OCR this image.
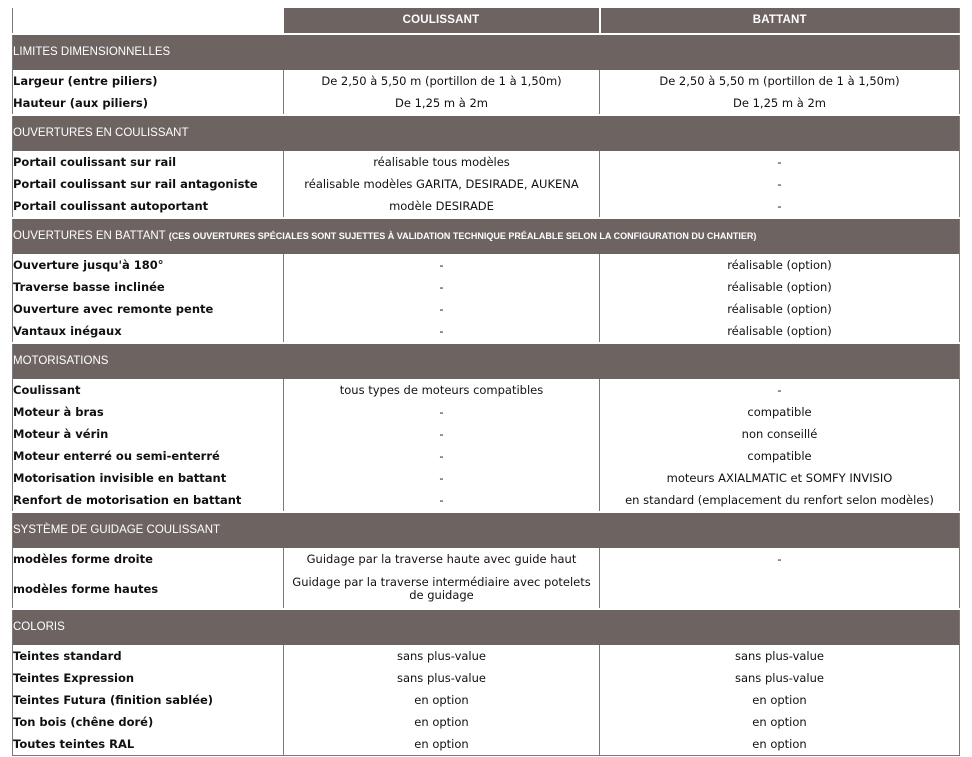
	COULISSANT	BATTANT
LIMITES DIMENSIONNELLES		
Largeur (entre piliers)	De 2,50 à 5,50 m (portillon de 1 à 1,50m)	De 2,50 à 5,50 m (portillon de 1 à 1,50m)
Hauteur (aux piliers)	De 1,25 m à 2m	De 1,25 m à 2m
OUVERTURES EN COULISSANT		
Portail coulissant sur rail	réalisable tous modèles	-
Portail coulissant sur rail antagoniste	réalisable modèles GARITA, DESIRADE, AUKENA	-
Portail coulissant autoportant	modèle DESIRADE	-
OUVERTURES EN BATTANT (CES OUVERTURES SPÉCIALES SONT SUJETTES À VALIDATION TECHNIQUE PRÉALABLE SELON LA CONFIGURATION DU CHANTIER)		
Ouverture jusqu'à 180°	-	réalisable (option)
Traverse basse inclinée	-	réalisable (option)
Ouverture avec remonte pente	-	réalisable (option)
Vantaux inégaux	-	réalisable (option)
MOTORISATIONS		
Coulissant	tous types de moteurs compatibles	-
Moteur à bras	-	compatible
Moteur à vérin	-	non conseillé
Moteur enterré ou semi-enterré	-	compatible
Motorisation invisible en battant	-	moteurs AXIALMATIC et SOMFY INVISIO
Renfort de motorisation en battant	-	en standard (emplacement du renfort selon modèles)
SYSTÈME DE GUIDAGE COULISSANT		
modèles forme droite	Guidage par la traverse haute avec guide haut	-
modèles forme hautes	Guidage par la traverse intermédiaire avec potelets de guidage	
COLORIS		
Teintes standard	sans plus-value	sans plus-value
Teintes Expression	sans plus-value	sans plus-value
Teintes Futura (finition sablée)	en option	en option
Ton bois (chêne doré)	en option	en option
Toutes teintes RAL	en option	en option
